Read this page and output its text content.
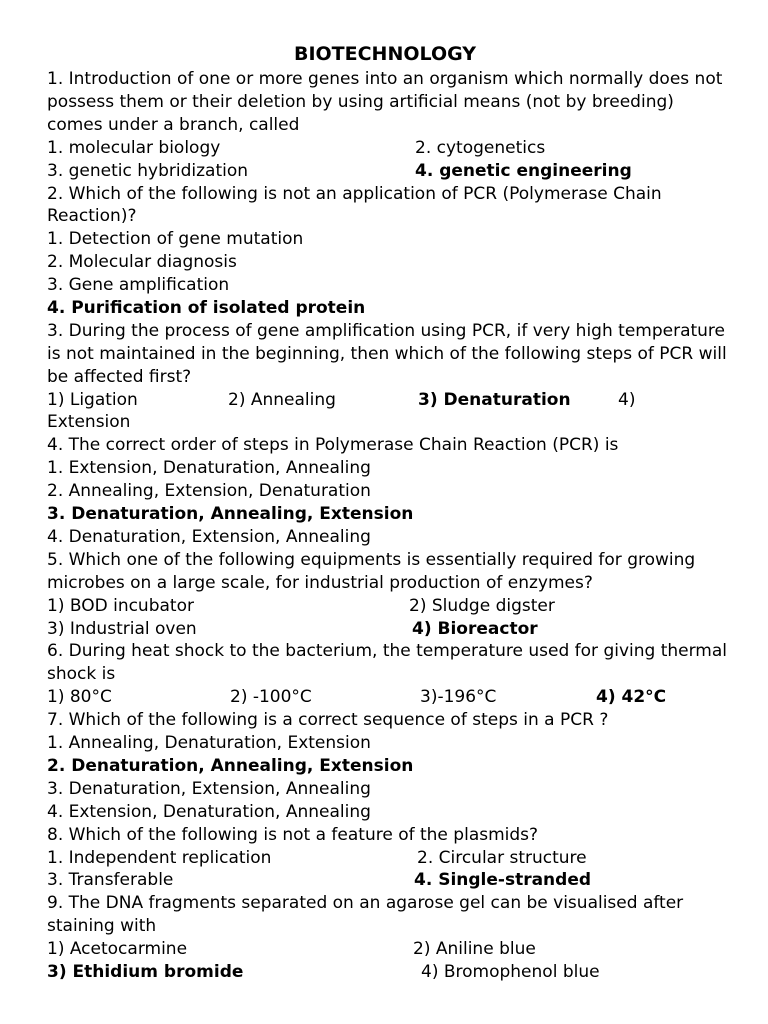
BIOTECHNOLOGY
1. Introduction of one or more genes into an organism which normally does not possess them or their deletion by using artificial means (not by breeding) comes under a branch, called
1. molecular biology	2. cytogenetics
3. genetic hybridization	4. genetic engineering
2. Which of the following is not an application of PCR (Polymerase Chain Reaction)?
1. Detection of gene mutation
2. Molecular diagnosis
3. Gene amplification
4. Purification of isolated protein
3. During the process of gene amplification using PCR, if very high temperature is not maintained in the beginning, then which of the following steps of PCR will be affected first?
1) Ligation	2) Annealing	3) Denaturation	4)
Extension
4. The correct order of steps in Polymerase Chain Reaction (PCR) is
1. Extension, Denaturation, Annealing
2. Annealing, Extension, Denaturation
3. Denaturation, Annealing, Extension
4. Denaturation, Extension, Annealing
5. Which one of the following equipments is essentially required for growing microbes on a large scale, for industrial production of enzymes?
1) BOD incubator	2) Sludge digster
3) Industrial oven	4) Bioreactor
6. During heat shock to the bacterium, the temperature used for giving thermal shock is
1) 80°C	2) -100°C	3)-196°C	4) 42°C
7. Which of the following is a correct sequence of steps in a PCR ?
1. Annealing, Denaturation, Extension
2. Denaturation, Annealing, Extension
3. Denaturation, Extension, Annealing
4. Extension, Denaturation, Annealing
8. Which of the following is not a feature of the plasmids?
1. Independent replication	2. Circular structure
3. Transferable	4. Single-stranded
9. The DNA fragments separated on an agarose gel can be visualised after staining with
1) Acetocarmine	2) Aniline blue
3) Ethidium bromide	4) Bromophenol blue
